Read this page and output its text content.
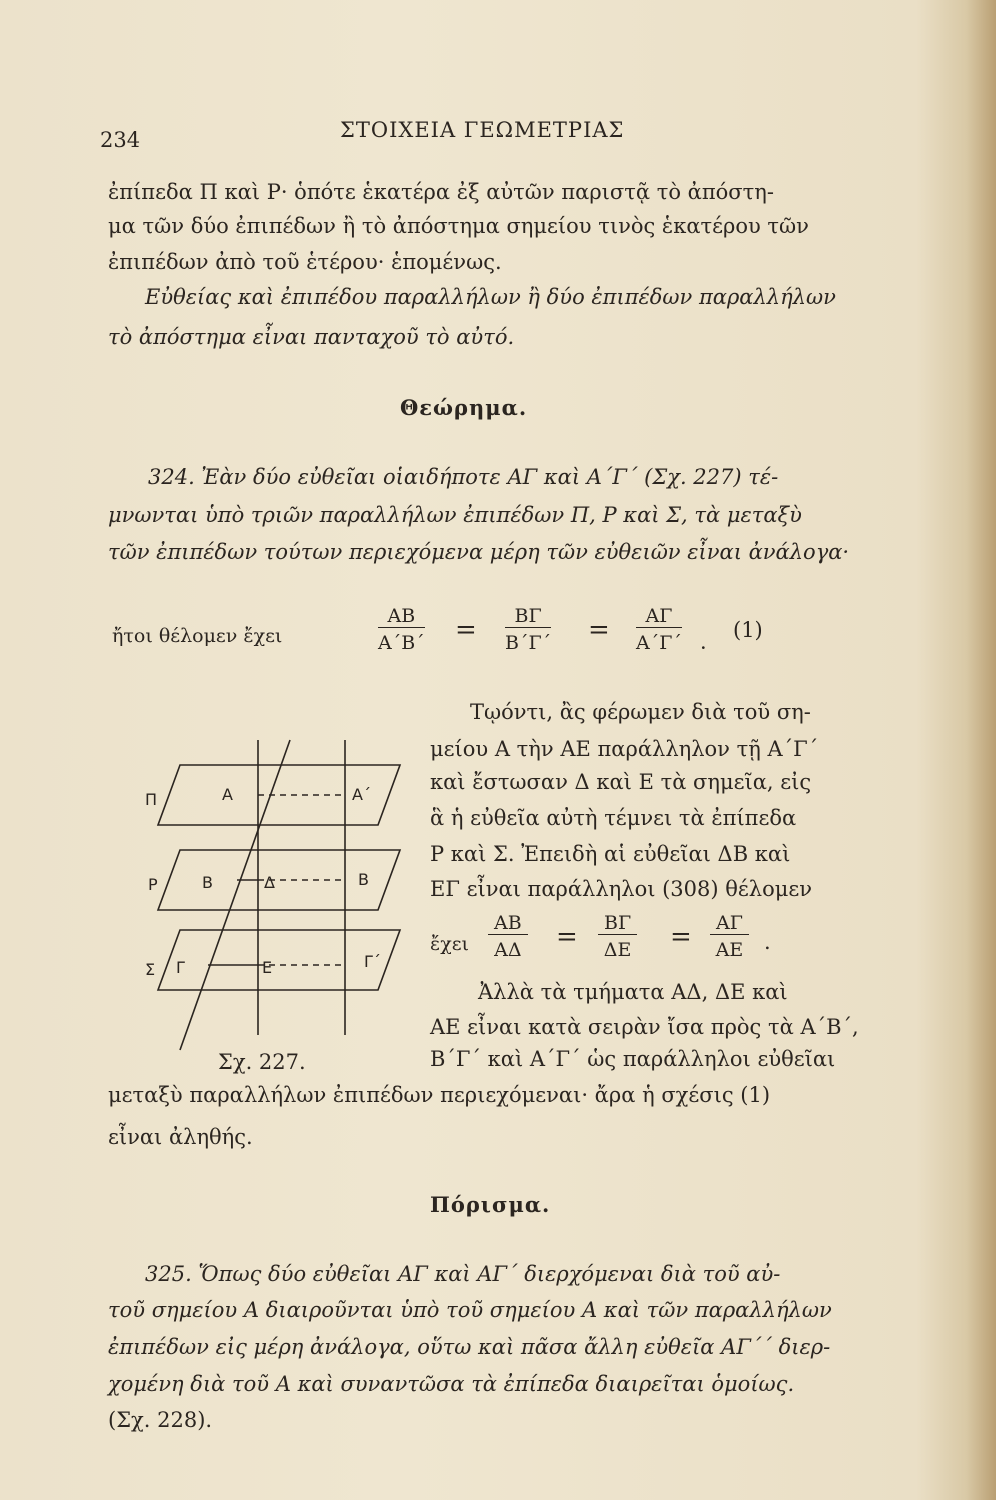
234	ΣΤΟΙΧΕΙΑ ΓΕΩΜΕΤΡΙΑΣ
ἐπίπεδα Π καὶ Ρ· ὁπότε ἑκατέρα ἐξ αὐτῶν παριστᾷ τὸ ἀπόστη-
μα τῶν δύο ἐπιπέδων ἢ τὸ ἀπόστημα σημείου τινὸς ἑκατέρου τῶν
ἐπιπέδων ἀπὸ τοῦ ἑτέρου· ἑπομένως.
Εὐθείας καὶ ἐπιπέδου παραλλήλων ἢ δύο ἐπιπέδων παραλλήλων
τὸ ἀπόστημα εἶναι πανταχοῦ τὸ αὐτό.
Θεώρημα.
324. Ἐὰν δύο εὐθεῖαι οἱαιδήποτε ΑΓ καὶ Α΄Γ΄ (Σχ. 227) τέ-
μνωνται ὑπὸ τριῶν παραλλήλων ἐπιπέδων Π, Ρ καὶ Σ, τὰ μεταξὺ
τῶν ἐπιπέδων τούτων περιεχόμενα μέρη τῶν εὐθειῶν εἶναι ἀνάλογα·
ἤτοι θέλομεν ἔχει	$\frac{AB}{A΄B΄} = \frac{B\Gamma}{B΄\Gamma΄} = \frac{A\Gamma}{A΄\Gamma΄}$ ·
(1)
Π
Ρ
Σ
Α	Α΄
Β	Δ	Β
Γ	Ε	Γ΄
Σχ. 227.
Τῳόντι, ἂς φέρωμεν διὰ τοῦ ση-
μείου Α τὴν ΑΕ παράλληλον τῇ Α΄Γ΄
καὶ ἔστωσαν Δ καὶ Ε τὰ σημεῖα, εἰς
ἃ ἡ εὐθεῖα αὐτὴ τέμνει τὰ ἐπίπεδα
Ρ καὶ Σ. Ἐπειδὴ αἱ εὐθεῖαι ΔΒ καὶ
ΕΓ εἶναι παράλληλοι (308) θέλομεν
ἔχει $\frac{AB}{A\Delta} = \frac{B\Gamma}{\Delta E} = \frac{A\Gamma}{AE}$ .
Ἀλλὰ τὰ τμήματα ΑΔ, ΔΕ καὶ
ΑΕ εἶναι κατὰ σειρὰν ἴσα πρὸς τὰ Α΄Β΄,
Β΄Γ΄ καὶ Α΄Γ΄ ὡς παράλληλοι εὐθεῖαι
μεταξὺ παραλλήλων ἐπιπέδων περιεχόμεναι· ἄρα ἡ σχέσις (1)
εἶναι ἀληθής.
Πόρισμα.
325. Ὅπως δύο εὐθεῖαι ΑΓ καὶ ΑΓ΄ διερχόμεναι διὰ τοῦ αὐ-
τοῦ σημείου Α διαιροῦνται ὑπὸ τοῦ σημείου Α καὶ τῶν παραλλήλων
ἐπιπέδων εἰς μέρη ἀνάλογα, οὕτω καὶ πᾶσα ἄλλη εὐθεῖα ΑΓ΄΄ διερ-
χομένη διὰ τοῦ Α καὶ συναντῶσα τὰ ἐπίπεδα διαιρεῖται ὁμοίως.
(Σχ. 228).
